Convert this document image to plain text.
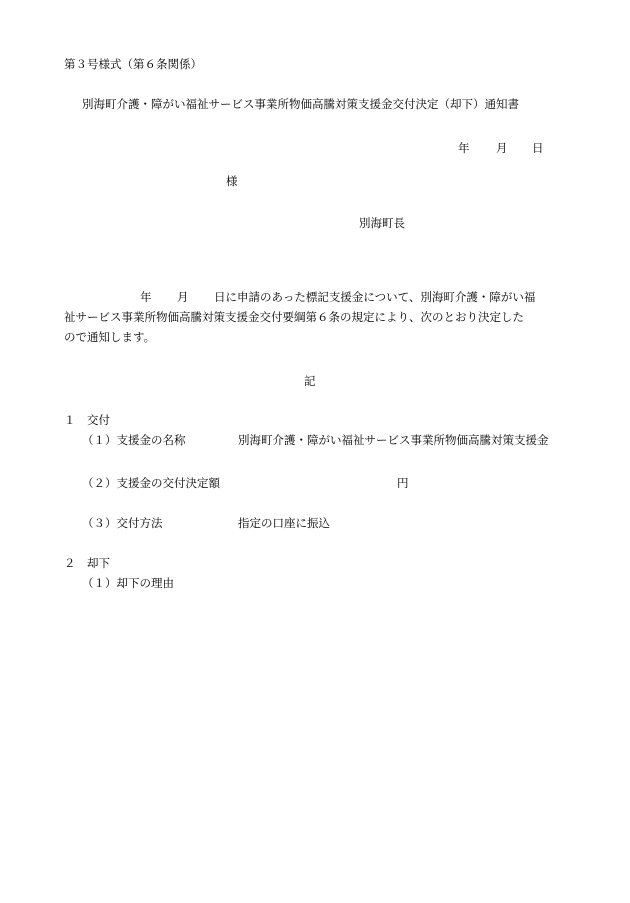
第３号様式（第６条関係）
別海町介護・障がい福祉サービス事業所物価高騰対策支援金交付決定（却下）通知書
年 月 日
様
別海町長
年 月 日に申請のあった標記支援金について、別海町介護・障がい福
祉サービス事業所物価高騰対策支援金交付要綱第６条の規定により、次のとおり決定した
ので通知します。
記
１　交付
（１）支援金の名称	別海町介護・障がい福祉サービス事業所物価高騰対策支援金
（２）支援金の交付決定額	円
（３）交付方法	指定の口座に振込
２　却下
（１）却下の理由
